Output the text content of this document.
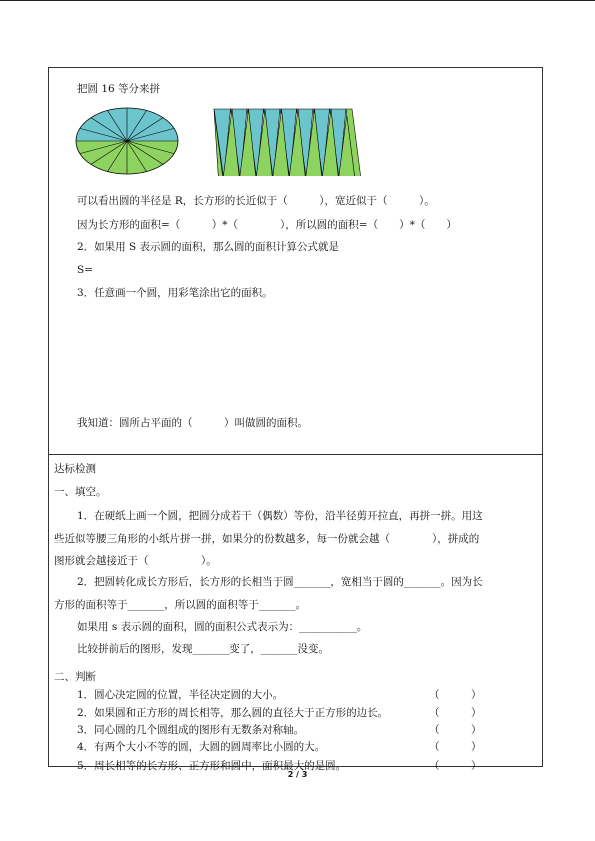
把圆 16 等分来拼
可以看出圆的半径是 R，长方形的长近似于（　　　），宽近似于（　　　）。
因为长方形的面积=（　　　）*（　　　　），所以圆的面积=（　　）*（　　）
2．如果用 S 表示圆的面积，那么圆的面积计算公式就是
S=
3．任意画一个圆，用彩笔涂出它的面积。
我知道：圆所占平面的（　　　）叫做圆的面积。
达标检测
一、填空。
1．在硬纸上画一个圆，把圆分成若干（偶数）等份，沿半径剪开拉直，再拼一拼。用这
些近似等腰三角形的小纸片拼一拼，如果分的份数越多，每一份就会越（　　　　），拼成的
图形就会越接近于（　　　　　）。
2．把圆转化成长方形后，长方形的长相当于圆_______，宽相当于圆的_______。因为长
方形的面积等于_______，所以圆的面积等于_______。
如果用 s 表示圆的面积，圆的面积公式表示为：___________。
比较拼前后的图形，发现_______变了，_______没变。
二、判断
1．圆心决定圆的位置，半径决定圆的大小。	（　　　）
2．如果圆和正方形的周长相等，那么圆的直径大于正方形的边长。	（　　　）
3．同心圆的几个圆组成的图形有无数条对称轴。	（　　　）
4．有两个大小不等的圆，大圆的圆周率比小圆的大。	（　　　）
5．周长相等的长方形、正方形和圆中，面积最大的是圆。	（　　　）
2 / 3
